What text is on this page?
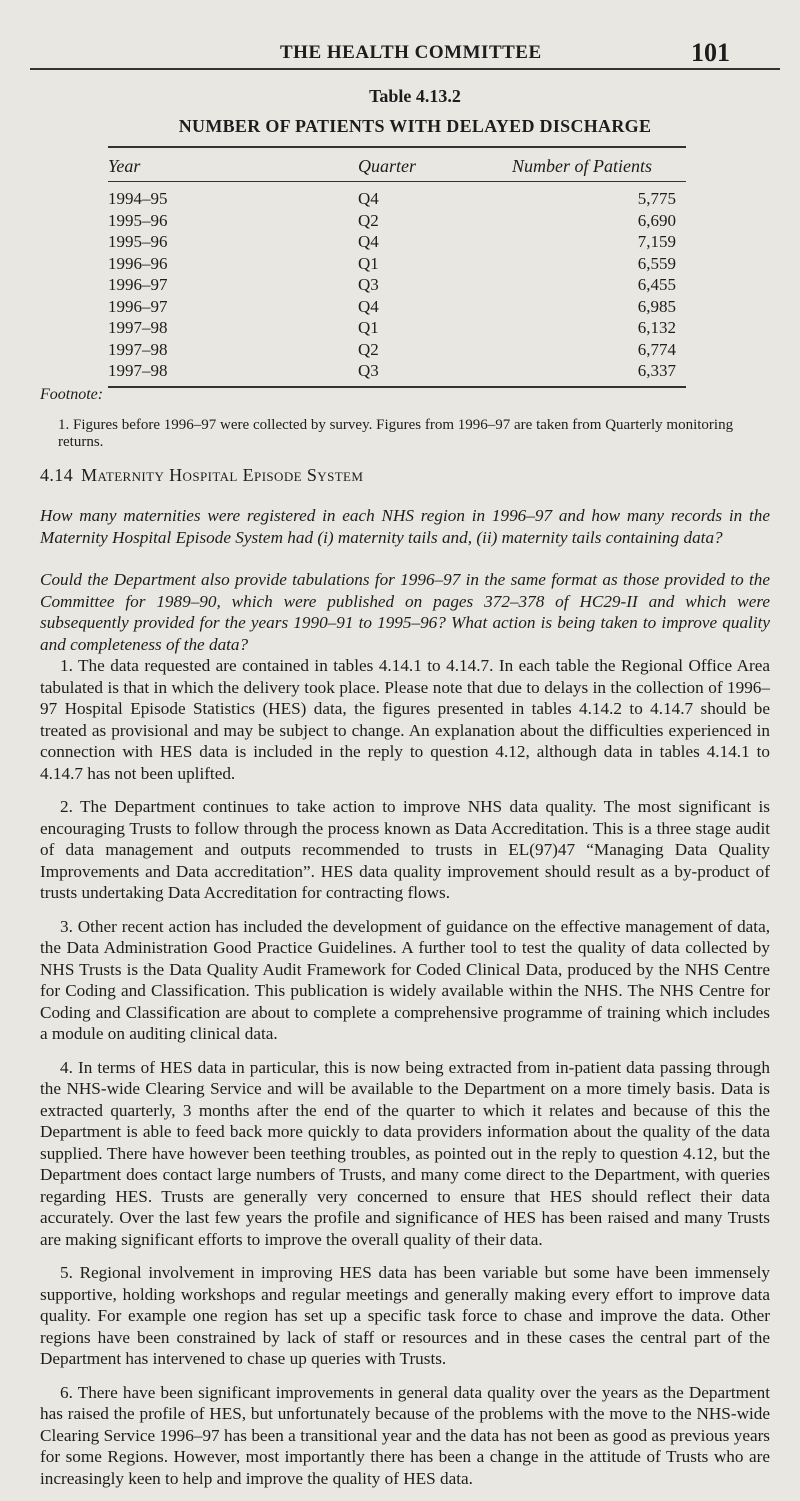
THE HEALTH COMMITTEE	101
Table 4.13.2
NUMBER OF PATIENTS WITH DELAYED DISCHARGE
Year	Quarter	Number of Patients
1994–95	Q4	5,775
1995–96	Q2	6,690
1995–96	Q4	7,159
1996–96	Q1	6,559
1996–97	Q3	6,455
1996–97	Q4	6,985
1997–98	Q1	6,132
1997–98	Q2	6,774
1997–98	Q3	6,337
Footnote:
1. Figures before 1996–97 were collected by survey. Figures from 1996–97 are taken from Quarterly monitoring returns.
4.14 Maternity Hospital Episode System
How many maternities were registered in each NHS region in 1996–97 and how many records in the Maternity Hospital Episode System had (i) maternity tails and, (ii) maternity tails containing data?
Could the Department also provide tabulations for 1996–97 in the same format as those provided to the Committee for 1989–90, which were published on pages 372–378 of HC29-II and which were subsequently provided for the years 1990–91 to 1995–96? What action is being taken to improve quality and completeness of the data?

1. The data requested are contained in tables 4.14.1 to 4.14.7. In each table the Regional Office Area tabulated is that in which the delivery took place. Please note that due to delays in the collection of 1996–97 Hospital Episode Statistics (HES) data, the figures presented in tables 4.14.2 to 4.14.7 should be treated as provisional and may be subject to change. An explanation about the difficulties experienced in connection with HES data is included in the reply to question 4.12, although data in tables 4.14.1 to 4.14.7 has not been uplifted.

2. The Department continues to take action to improve NHS data quality. The most significant is encouraging Trusts to follow through the process known as Data Accreditation. This is a three stage audit of data management and outputs recommended to trusts in EL(97)47 “Managing Data Quality Improvements and Data accreditation”. HES data quality improvement should result as a by-product of trusts undertaking Data Accreditation for contracting flows.

3. Other recent action has included the development of guidance on the effective management of data, the Data Administration Good Practice Guidelines. A further tool to test the quality of data collected by NHS Trusts is the Data Quality Audit Framework for Coded Clinical Data, produced by the NHS Centre for Coding and Classification. This publication is widely available within the NHS. The NHS Centre for Coding and Classification are about to complete a comprehensive programme of training which includes a module on auditing clinical data.

4. In terms of HES data in particular, this is now being extracted from in-patient data passing through the NHS-wide Clearing Service and will be available to the Department on a more timely basis. Data is extracted quarterly, 3 months after the end of the quarter to which it relates and because of this the Department is able to feed back more quickly to data providers information about the quality of the data supplied. There have however been teething troubles, as pointed out in the reply to question 4.12, but the Department does contact large numbers of Trusts, and many come direct to the Department, with queries regarding HES. Trusts are generally very concerned to ensure that HES should reflect their data accurately. Over the last few years the profile and significance of HES has been raised and many Trusts are making significant efforts to improve the overall quality of their data.

5. Regional involvement in improving HES data has been variable but some have been immensely supportive, holding workshops and regular meetings and generally making every effort to improve data quality. For example one region has set up a specific task force to chase and improve the data. Other regions have been constrained by lack of staff or resources and in these cases the central part of the Department has intervened to chase up queries with Trusts.

6. There have been significant improvements in general data quality over the years as the Department has raised the profile of HES, but unfortunately because of the problems with the move to the NHS-wide Clearing Service 1996–97 has been a transitional year and the data has not been as good as previous years for some Regions. However, most importantly there has been a change in the attitude of Trusts who are increasingly keen to help and improve the quality of HES data.
